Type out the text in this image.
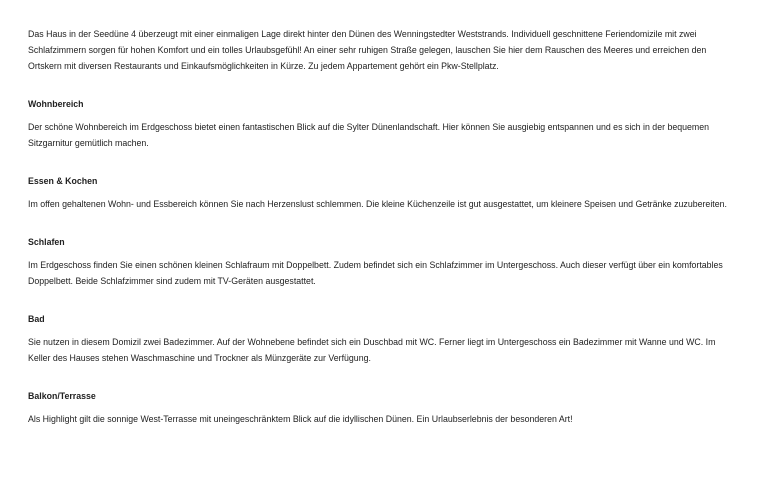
Das Haus in der Seedüne 4 überzeugt mit einer einmaligen Lage direkt hinter den Dünen des Wenningstedter Weststrands. Individuell geschnittene Feriendomizile mit zwei Schlafzimmern sorgen für hohen Komfort und ein tolles Urlaubsgefühl! An einer sehr ruhigen Straße gelegen, lauschen Sie hier dem Rauschen des Meeres und erreichen den Ortskern mit diversen Restaurants und Einkaufsmöglichkeiten in Kürze. Zu jedem Appartement gehört ein Pkw-Stellplatz.

Wohnbereich

Der schöne Wohnbereich im Erdgeschoss bietet einen fantastischen Blick auf die Sylter Dünenlandschaft. Hier können Sie ausgiebig entspannen und es sich in der bequemen Sitzgarnitur gemütlich machen.

Essen & Kochen

Im offen gehaltenen Wohn- und Essbereich können Sie nach Herzenslust schlemmen. Die kleine Küchenzeile ist gut ausgestattet, um kleinere Speisen und Getränke zuzubereiten.

Schlafen

Im Erdgeschoss finden Sie einen schönen kleinen Schlafraum mit Doppelbett. Zudem befindet sich ein Schlafzimmer im Untergeschoss. Auch dieser verfügt über ein komfortables Doppelbett. Beide Schlafzimmer sind zudem mit TV-Geräten ausgestattet.

Bad

Sie nutzen in diesem Domizil zwei Badezimmer. Auf der Wohnebene befindet sich ein Duschbad mit WC. Ferner liegt im Untergeschoss ein Badezimmer mit Wanne und WC. Im Keller des Hauses stehen Waschmaschine und Trockner als Münzgeräte zur Verfügung.

Balkon/Terrasse

Als Highlight gilt die sonnige West-Terrasse mit uneingeschränktem Blick auf die idyllischen Dünen. Ein Urlaubserlebnis der besonderen Art!
